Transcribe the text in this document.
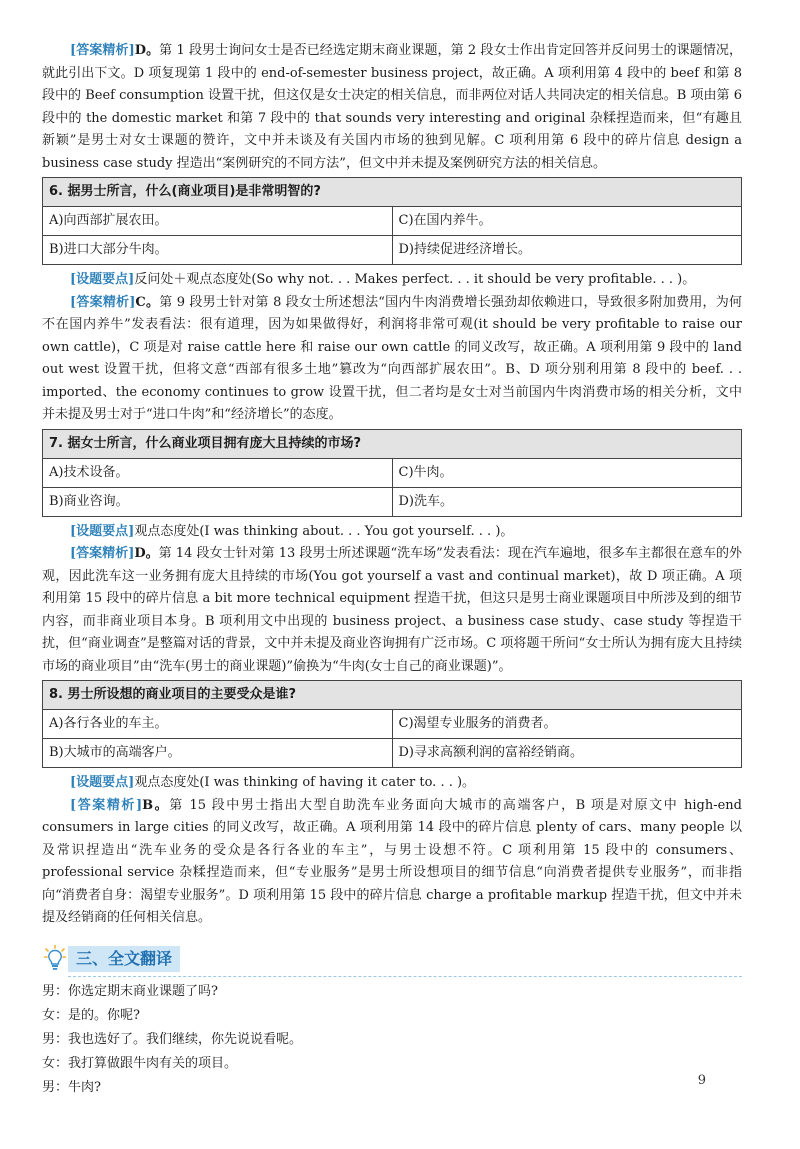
[答案精析]D。第 1 段男士询问女士是否已经选定期末商业课题，第 2 段女士作出肯定回答并反问男士的课题情况，就此引出下文。D 项复现第 1 段中的 end-of-semester business project，故正确。A 项利用第 4 段中的 beef 和第 8 段中的 Beef consumption 设置干扰，但这仅是女士决定的相关信息，而非两位对话人共同决定的相关信息。B 项由第 6 段中的 the domestic market 和第 7 段中的 that sounds very interesting and original 杂糅捏造而来，但“有趣且新颖”是男士对女士课题的赞许，文中并未谈及有关国内市场的独到见解。C 项利用第 6 段中的碎片信息 design a business case study 捏造出“案例研究的不同方法”，但文中并未提及案例研究方法的相关信息。

6. 据男士所言，什么(商业项目)是非常明智的?	
A)向西部扩展农田。	C)在国内养牛。
B)进口大部分牛肉。	D)持续促进经济增长。

[设题要点]反问处＋观点态度处(So why not. . . Makes perfect. . . it should be very profitable. . . )。

[答案精析]C。第 9 段男士针对第 8 段女士所述想法“国内牛肉消费增长强劲却依赖进口，导致很多附加费用，为何不在国内养牛”发表看法：很有道理，因为如果做得好，利润将非常可观(it should be very profitable to raise our own cattle)，C 项是对 raise cattle here 和 raise our own cattle 的同义改写，故正确。A 项利用第 9 段中的 land out west 设置干扰，但将文意“西部有很多土地”篡改为“向西部扩展农田”。B、D 项分别利用第 8 段中的 beef. . . imported、the economy continues to grow 设置干扰，但二者均是女士对当前国内牛肉消费市场的相关分析，文中并未提及男士对于“进口牛肉”和“经济增长”的态度。

7. 据女士所言，什么商业项目拥有庞大且持续的市场?	
A)技术设备。	C)牛肉。
B)商业咨询。	D)洗车。

[设题要点]观点态度处(I was thinking about. . . You got yourself. . . )。

[答案精析]D。第 14 段女士针对第 13 段男士所述课题“洗车场”发表看法：现在汽车遍地，很多车主都很在意车的外观，因此洗车这一业务拥有庞大且持续的市场(You got yourself a vast and continual market)，故 D 项正确。A 项利用第 15 段中的碎片信息 a bit more technical equipment 捏造干扰，但这只是男士商业课题项目中所涉及到的细节内容，而非商业项目本身。B 项利用文中出现的 business project、a business case study、case study 等捏造干扰，但“商业调查”是整篇对话的背景，文中并未提及商业咨询拥有广泛市场。C 项将题干所问“女士所认为拥有庞大且持续市场的商业项目”由“洗车(男士的商业课题)”偷换为“牛肉(女士自己的商业课题)”。

8. 男士所设想的商业项目的主要受众是谁?	
A)各行各业的车主。	C)渴望专业服务的消费者。
B)大城市的高端客户。	D)寻求高额利润的富裕经销商。

[设题要点]观点态度处(I was thinking of having it cater to. . . )。

[答案精析]B。第 15 段中男士指出大型自助洗车业务面向大城市的高端客户，B 项是对原文中 high-end consumers in large cities 的同义改写，故正确。A 项利用第 14 段中的碎片信息 plenty of cars、many people 以及常识捏造出“洗车业务的受众是各行各业的车主”，与男士设想不符。C 项利用第 15 段中的 consumers、professional service 杂糅捏造而来，但“专业服务”是男士所设想项目的细节信息“向消费者提供专业服务”，而非指向“消费者自身：渴望专业服务”。D 项利用第 15 段中的碎片信息 charge a profitable markup 捏造干扰，但文中并未提及经销商的任何相关信息。

三、全文翻译

男：你选定期末商业课题了吗?

女：是的。你呢?

男：我也选好了。我们继续，你先说说看呢。

女：我打算做跟牛肉有关的项目。

男：牛肉?	9
